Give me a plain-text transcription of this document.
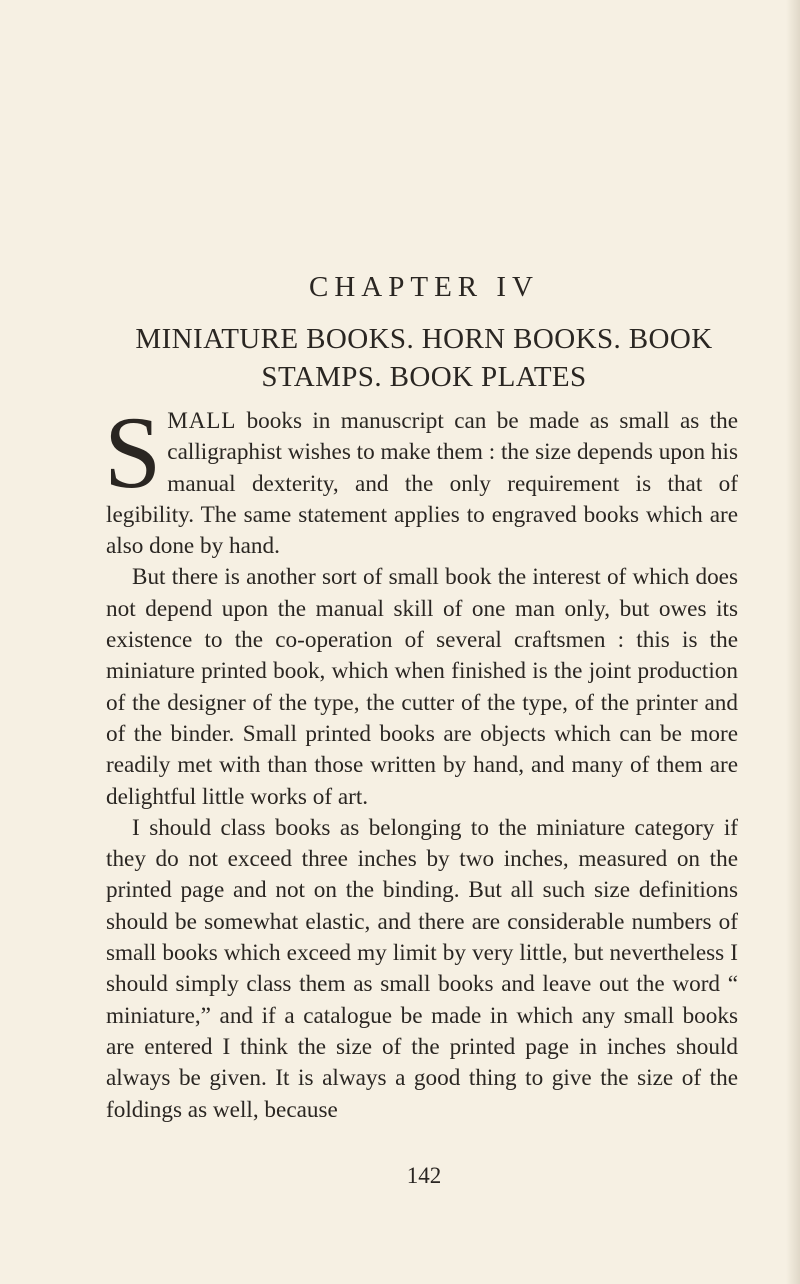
CHAPTER IV
MINIATURE BOOKS. HORN BOOKS. BOOK
STAMPS. BOOK PLATES

SMALL books in manuscript can be made as small as the calligraphist wishes to make them : the size depends upon his manual dexterity, and the only requirement is that of legibility. The same statement applies to engraved books which are also done by hand.

But there is another sort of small book the interest of which does not depend upon the manual skill of one man only, but owes its existence to the co-operation of several craftsmen : this is the miniature printed book, which when finished is the joint production of the designer of the type, the cutter of the type, of the printer and of the binder. Small printed books are objects which can be more readily met with than those written by hand, and many of them are delightful little works of art.

I should class books as belonging to the miniature category if they do not exceed three inches by two inches, measured on the printed page and not on the binding. But all such size definitions should be somewhat elastic, and there are considerable numbers of small books which exceed my limit by very little, but nevertheless I should simply class them as small books and leave out the word “ miniature,” and if a catalogue be made in which any small books are entered I think the size of the printed page in inches should always be given. It is always a good thing to give the size of the foldings as well, because

142
